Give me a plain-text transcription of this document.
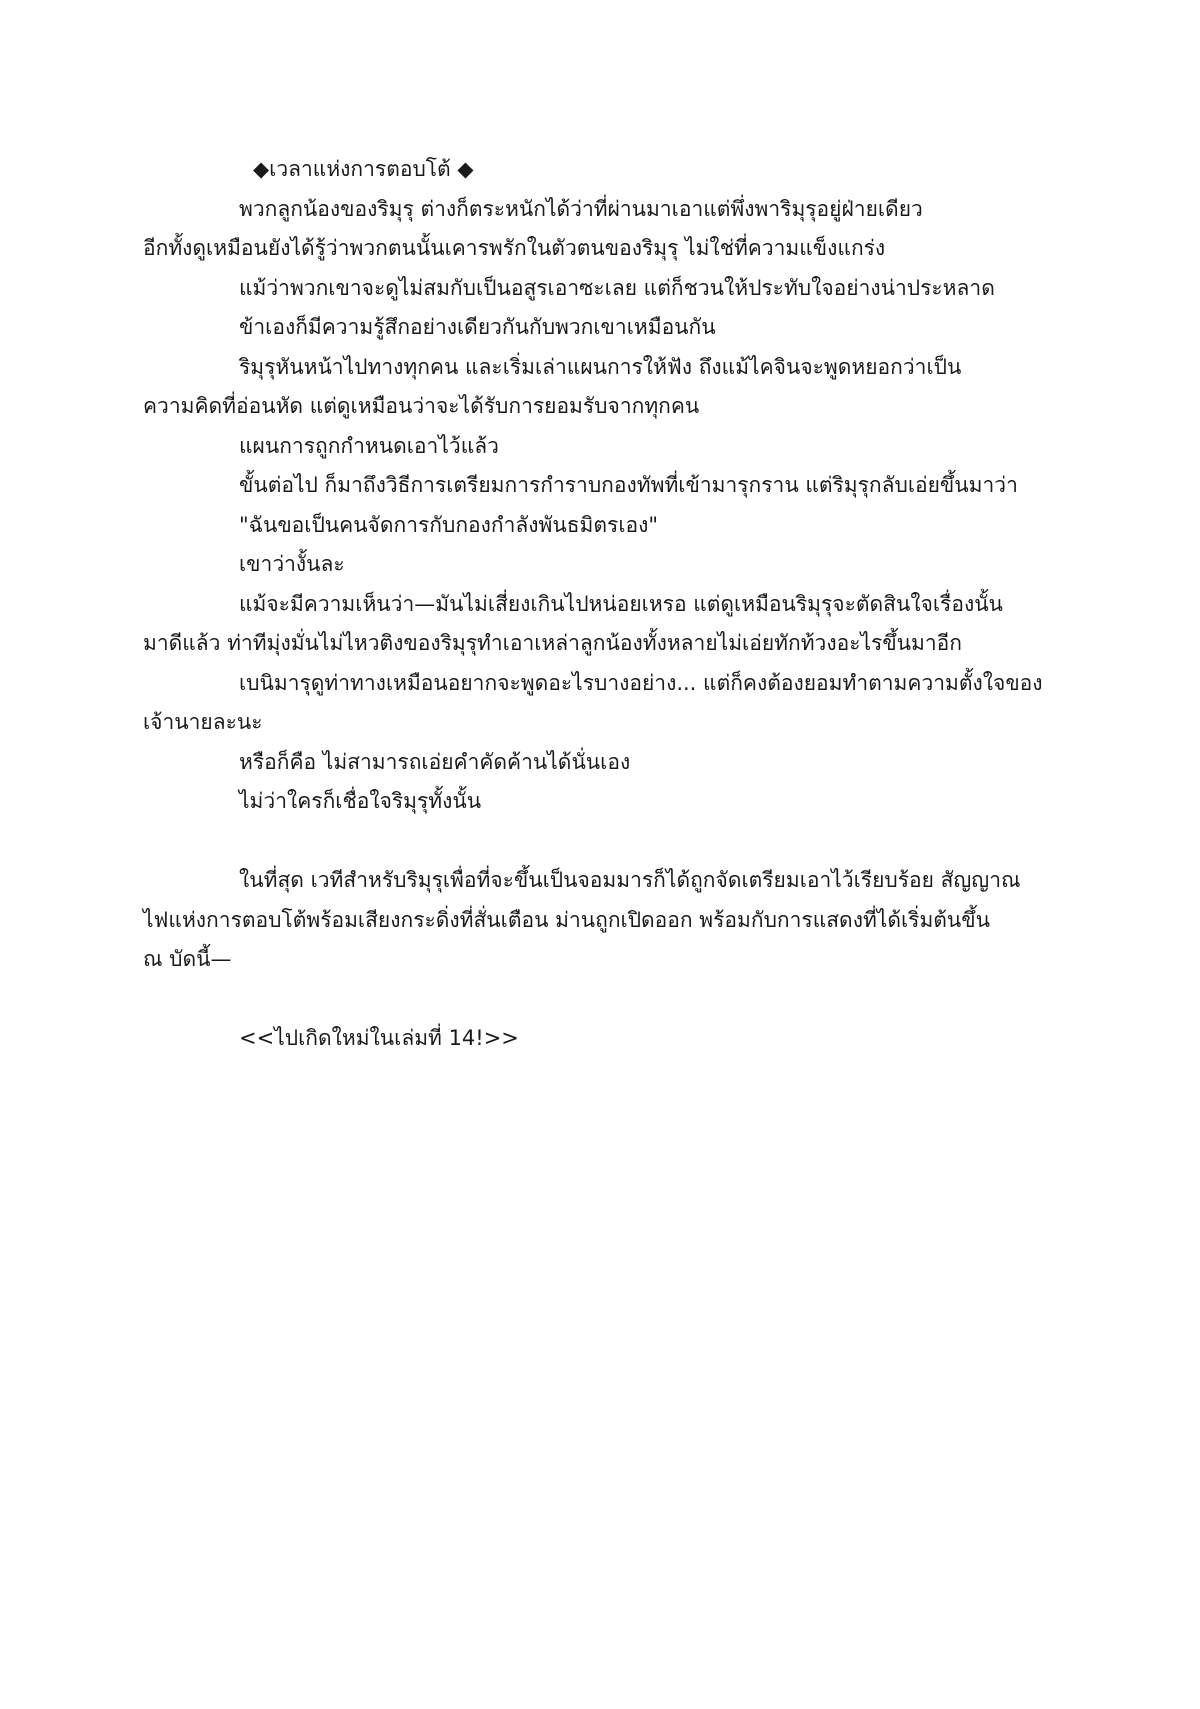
◆เวลาแห่งการตอบโต้ ◆
พวกลูกน้องของริมุรุ ต่างก็ตระหนักได้ว่าที่ผ่านมาเอาแต่พึ่งพาริมุรุอยู่ฝ่ายเดียว
อีกทั้งดูเหมือนยังได้รู้ว่าพวกตนนั้นเคารพรักในตัวตนของริมุรุ ไม่ใช่ที่ความแข็งแกร่ง
แม้ว่าพวกเขาจะดูไม่สมกับเป็นอสูรเอาซะเลย แต่ก็ชวนให้ประทับใจอย่างน่าประหลาด
ข้าเองก็มีความรู้สึกอย่างเดียวกันกับพวกเขาเหมือนกัน
ริมุรุหันหน้าไปทางทุกคน และเริ่มเล่าแผนการให้ฟัง ถึงแม้ไคจินจะพูดหยอกว่าเป็น
ความคิดที่อ่อนหัด แต่ดูเหมือนว่าจะได้รับการยอมรับจากทุกคน
แผนการถูกกำหนดเอาไว้แล้ว
ขั้นต่อไป ก็มาถึงวิธีการเตรียมการกำราบกองทัพที่เข้ามารุกราน แต่ริมุรุกลับเอ่ยขึ้นมาว่า
"ฉันขอเป็นคนจัดการกับกองกำลังพันธมิตรเอง"
เขาว่างั้นละ
แม้จะมีความเห็นว่า—มันไม่เสี่ยงเกินไปหน่อยเหรอ แต่ดูเหมือนริมุรุจะตัดสินใจเรื่องนั้น
มาดีแล้ว ท่าทีมุ่งมั่นไม่ไหวติงของริมุรุทำเอาเหล่าลูกน้องทั้งหลายไม่เอ่ยทักท้วงอะไรขึ้นมาอีก
เบนิมารุดูท่าทางเหมือนอยากจะพูดอะไรบางอย่าง... แต่ก็คงต้องยอมทำตามความตั้งใจของ
เจ้านายละนะ
หรือก็คือ ไม่สามารถเอ่ยคำคัดค้านได้นั่นเอง
ไม่ว่าใครก็เชื่อใจริมุรุทั้งนั้น
ในที่สุด เวทีสำหรับริมุรุเพื่อที่จะขึ้นเป็นจอมมารก็ได้ถูกจัดเตรียมเอาไว้เรียบร้อย สัญญาณ
ไฟแห่งการตอบโต้พร้อมเสียงกระดิ่งที่สั่นเตือน ม่านถูกเปิดออก พร้อมกับการแสดงที่ได้เริ่มต้นขึ้น
ณ บัดนี้—
<<ไปเกิดใหม่ในเล่มที่ 14!>>
